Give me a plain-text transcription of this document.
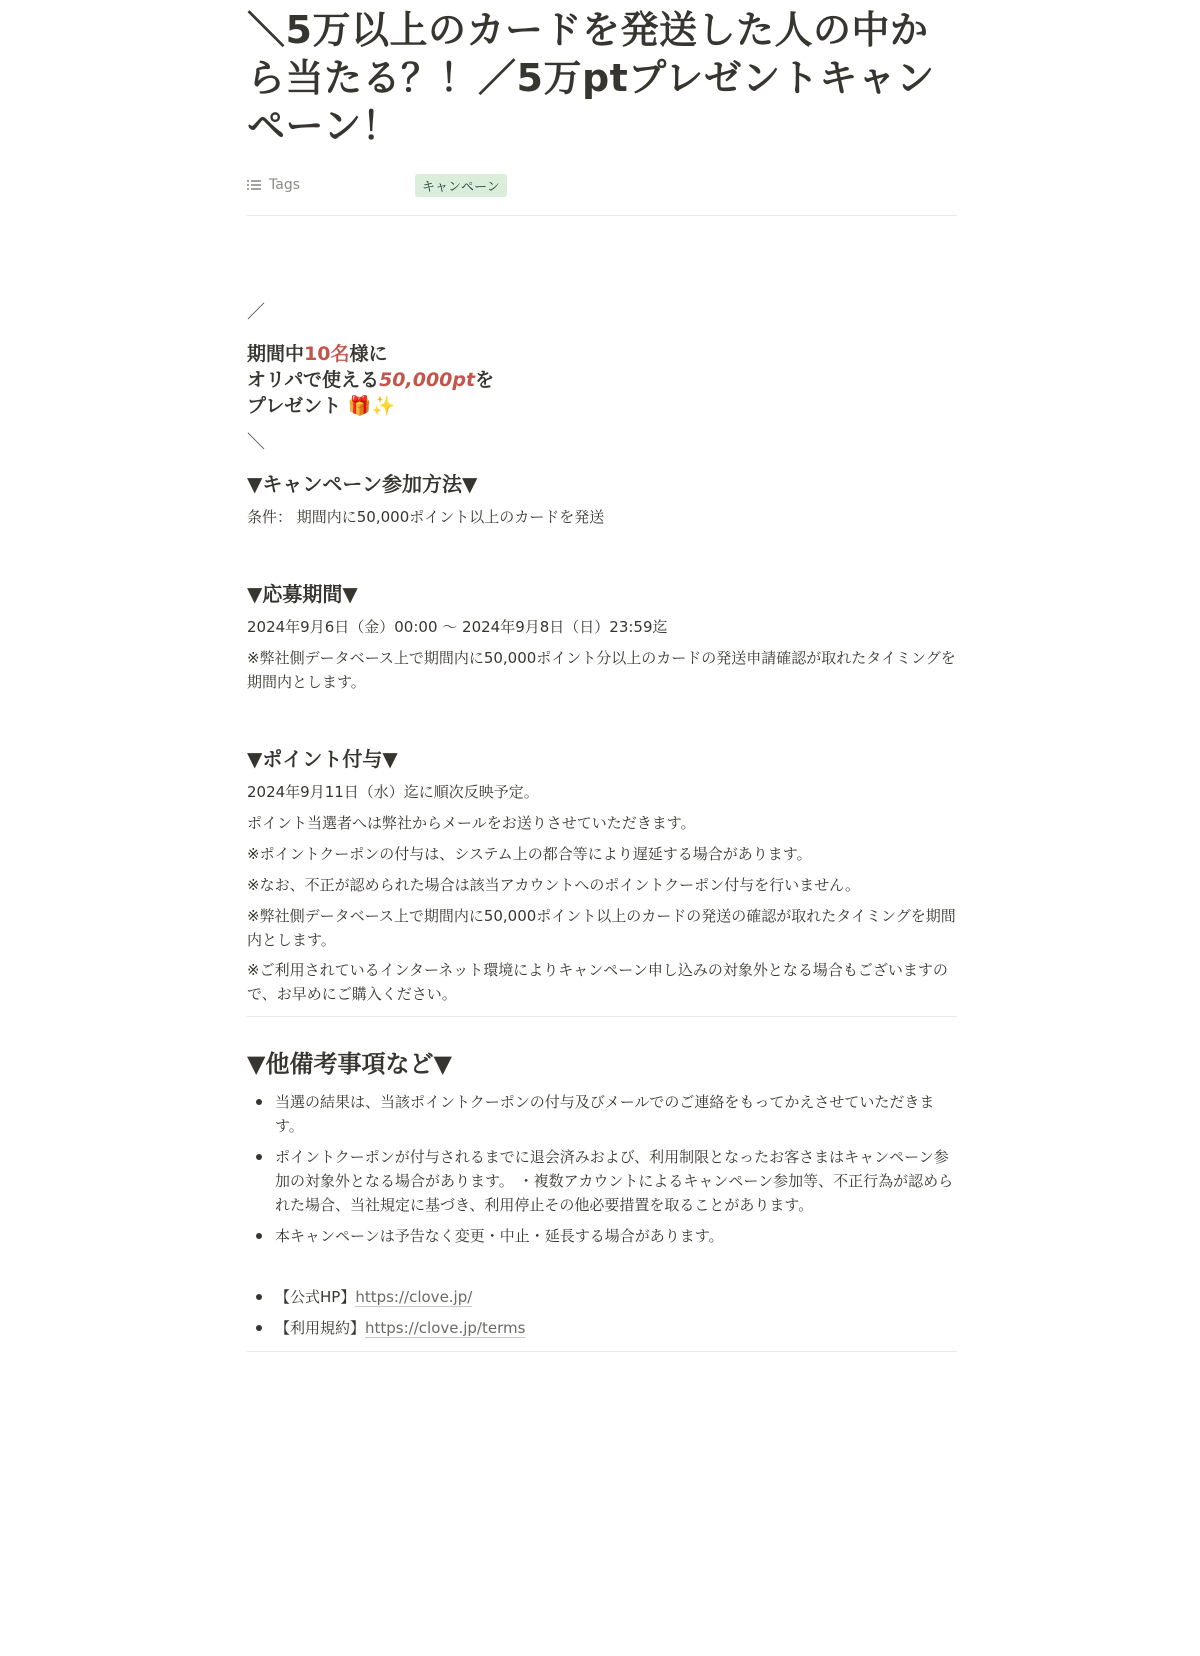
＼5万以上のカードを発送した人の中から当たる？！／5万ptプレゼントキャンペーン！
Tags	キャンペーン
／
期間中10名様に
オリパで使える50,000ptを
プレゼント 🎁✨
＼
▼キャンペーン参加方法▼
条件： 期間内に50,000ポイント以上のカードを発送
▼応募期間▼
2024年9月6日（金）00:00 〜 2024年9月8日（日）23:59迄
※弊社側データベース上で期間内に50,000ポイント分以上のカードの発送申請確認が取れたタイミングを期間内とします。
▼ポイント付与▼
2024年9月11日（水）迄に順次反映予定。
ポイント当選者へは弊社からメールをお送りさせていただきます。
※ポイントクーポンの付与は、システム上の都合等により遅延する場合があります。
※なお、不正が認められた場合は該当アカウントへのポイントクーポン付与を行いません。
※弊社側データベース上で期間内に50,000ポイント以上のカードの発送の確認が取れたタイミングを期間内とします。
※ご利用されているインターネット環境によりキャンペーン申し込みの対象外となる場合もございますので、お早めにご購入ください。
▼他備考事項など▼
当選の結果は、当該ポイントクーポンの付与及びメールでのご連絡をもってかえさせていただきます。
ポイントクーポンが付与されるまでに退会済みおよび、利用制限となったお客さまはキャンペーン参加の対象外となる場合があります。 ・複数アカウントによるキャンペーン参加等、不正行為が認められた場合、当社規定に基づき、利用停止その他必要措置を取ることがあります。
本キャンペーンは予告なく変更・中止・延長する場合があります。
【公式HP】https://clove.jp/
【利用規約】https://clove.jp/terms
